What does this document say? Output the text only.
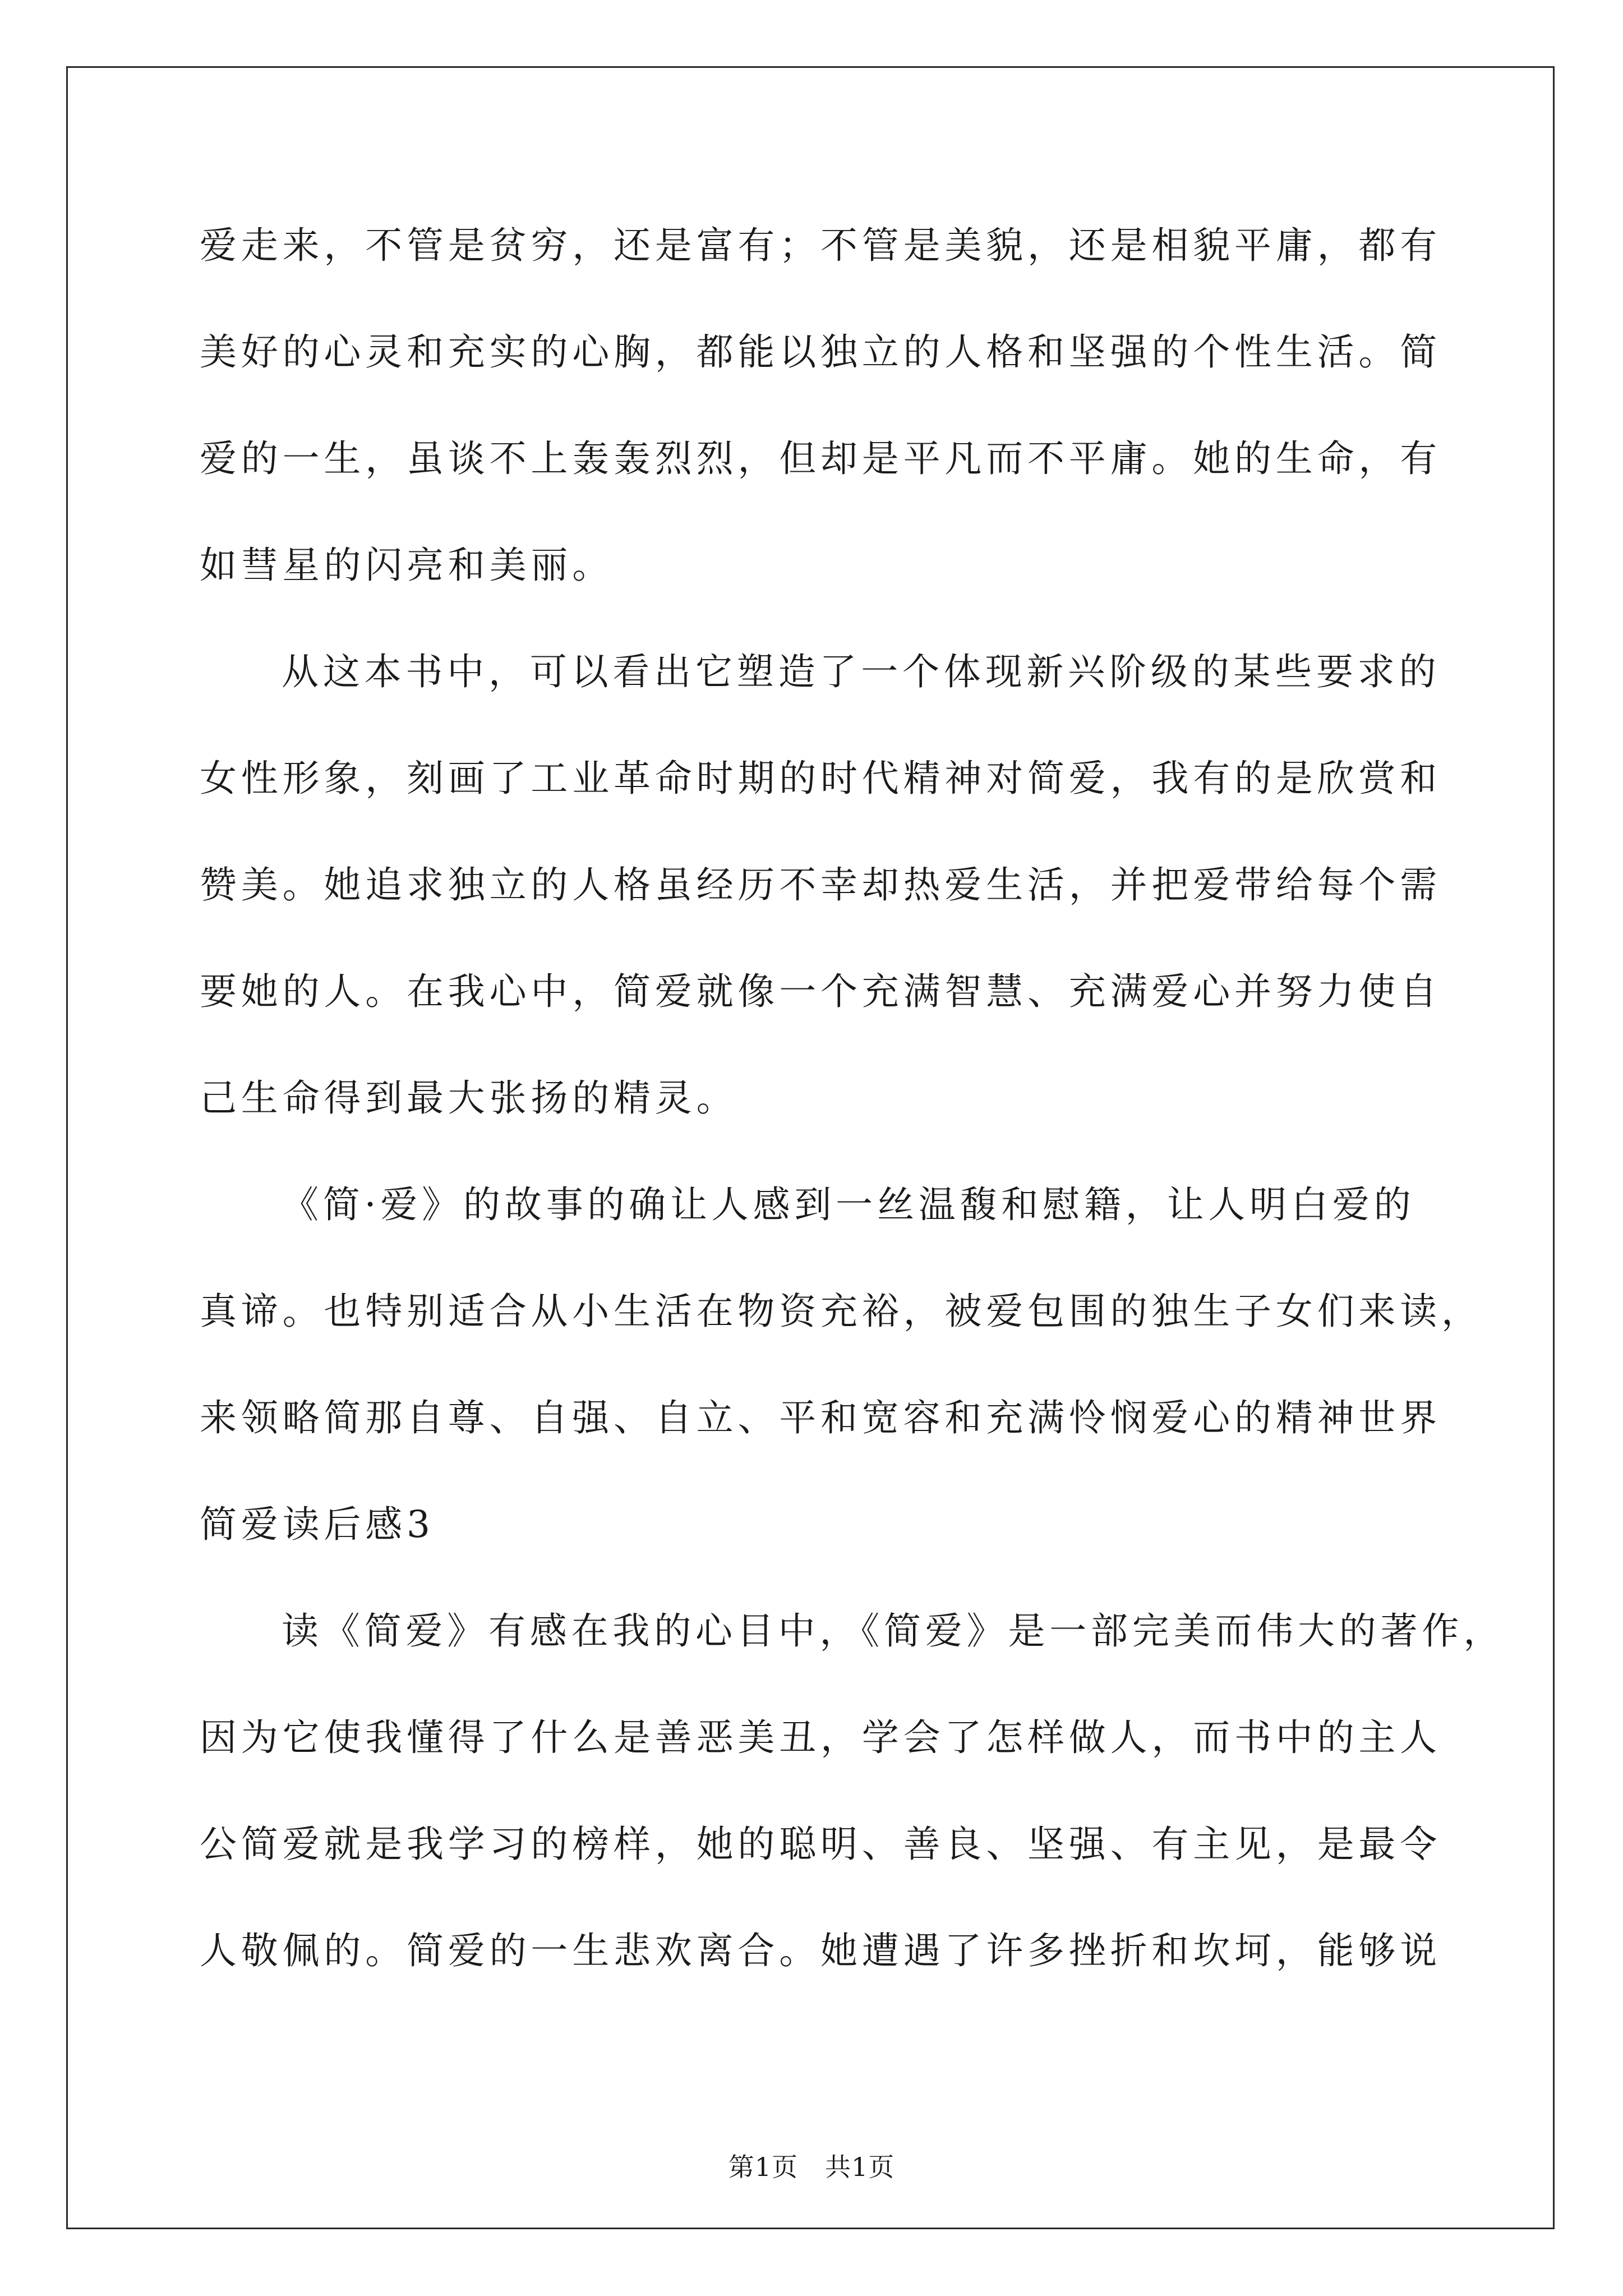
爱走来，不管是贫穷，还是富有；不管是美貌，还是相貌平庸，都有
美好的心灵和充实的心胸，都能以独立的人格和坚强的个性生活。简
爱的一生，虽谈不上轰轰烈烈，但却是平凡而不平庸。她的生命，有
如彗星的闪亮和美丽。
从这本书中，可以看出它塑造了一个体现新兴阶级的某些要求的
女性形象，刻画了工业革命时期的时代精神对简爱，我有的是欣赏和
赞美。她追求独立的人格虽经历不幸却热爱生活，并把爱带给每个需
要她的人。在我心中，简爱就像一个充满智慧、充满爱心并努力使自
己生命得到最大张扬的精灵。
《简·爱》的故事的确让人感到一丝温馥和慰籍，让人明白爱的
真谛。也特别适合从小生活在物资充裕，被爱包围的独生子女们来读，
来领略简那自尊、自强、自立、平和宽容和充满怜悯爱心的精神世界
简爱读后感3
读《简爱》有感在我的心目中，《简爱》是一部完美而伟大的著作，
因为它使我懂得了什么是善恶美丑，学会了怎样做人，而书中的主人
公简爱就是我学习的榜样，她的聪明、善良、坚强、有主见，是最令
人敬佩的。简爱的一生悲欢离合。她遭遇了许多挫折和坎坷，能够说
第1页 共1页
